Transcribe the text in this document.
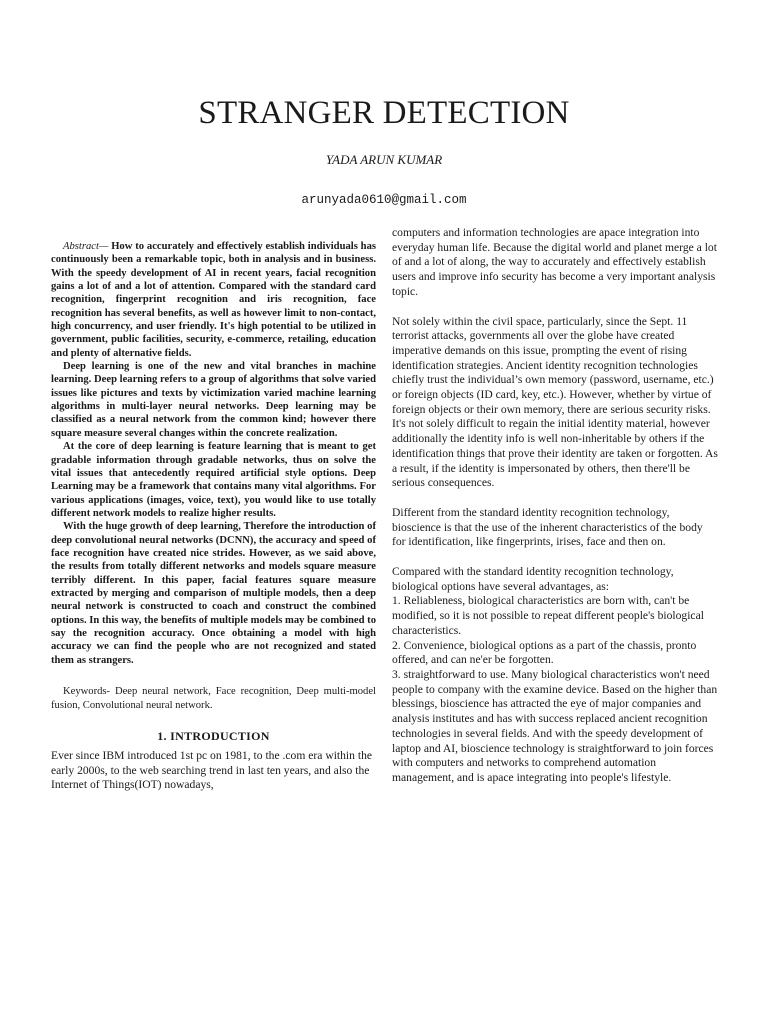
STRANGER DETECTION
YADA ARUN KUMAR
arunyada0610@gmail.com

Abstract— How to accurately and effectively establish individuals has continuously been a remarkable topic, both in analysis and in business. With the speedy development of AI in recent years, facial recognition gains a lot of and a lot of attention. Compared with the standard card recognition, fingerprint recognition and iris recognition, face recognition has several benefits, as well as however limit to non-contact, high concurrency, and user friendly. It's high potential to be utilized in government, public facilities, security, e-commerce, retailing, education and plenty of alternative fields.

Deep learning is one of the new and vital branches in machine learning. Deep learning refers to a group of algorithms that solve varied issues like pictures and texts by victimization varied machine learning algorithms in multi-layer neural networks. Deep learning may be classified as a neural network from the common kind; however there square measure several changes within the concrete realization.

At the core of deep learning is feature learning that is meant to get gradable information through gradable networks, thus on solve the vital issues that antecedently required artificial style options. Deep Learning may be a framework that contains many vital algorithms. For various applications (images, voice, text), you would like to use totally different network models to realize higher results.

With the huge growth of deep learning, Therefore the introduction of deep convolutional neural networks (DCNN), the accuracy and speed of face recognition have created nice strides. However, as we said above, the results from totally different networks and models square measure terribly different. In this paper, facial features square measure extracted by merging and comparison of multiple models, then a deep neural network is constructed to coach and construct the combined options. In this way, the benefits of multiple models may be combined to say the recognition accuracy. Once obtaining a model with high accuracy we can find the people who are not recognized and stated them as strangers.

Keywords- Deep neural network, Face recognition, Deep multi-model fusion, Convolutional neural network.

1. INTRODUCTION

Ever since IBM introduced 1st pc on 1981, to the .com era within the early 2000s, to the web searching trend in last ten years, and also the Internet of Things(IOT) nowadays,

computers and information technologies are apace integration into everyday human life. Because the digital world and planet merge a lot of and a lot of along, the way to accurately and effectively establish users and improve info security has become a very important analysis topic.

Not solely within the civil space, particularly, since the Sept. 11 terrorist attacks, governments all over the globe have created imperative demands on this issue, prompting the event of rising identification strategies. Ancient identity recognition technologies chiefly trust the individual’s own memory (password, username, etc.) or foreign objects (ID card, key, etc.). However, whether by virtue of foreign objects or their own memory, there are serious security risks. It's not solely difficult to regain the initial identity material, however additionally the identity info is well non-inheritable by others if the identification things that prove their identity are taken or forgotten. As a result, if the identity is impersonated by others, then there'll be serious consequences.

Different from the standard identity recognition technology, bioscience is that the use of the inherent characteristics of the body for identification, like fingerprints, irises, face and then on.

Compared with the standard identity recognition technology, biological options have several advantages, as:

1. Reliableness, biological characteristics are born with, can't be modified, so it is not possible to repeat different people's biological characteristics.

2. Convenience, biological options as a part of the chassis, pronto offered, and can ne'er be forgotten.

3. straightforward to use. Many biological characteristics won't need people to company with the examine device. Based on the higher than blessings, bioscience has attracted the eye of major companies and analysis institutes and has with success replaced ancient recognition technologies in several fields. And with the speedy development of laptop and AI, bioscience technology is straightforward to join forces with computers and networks to comprehend automation management, and is apace integrating into people's lifestyle.
